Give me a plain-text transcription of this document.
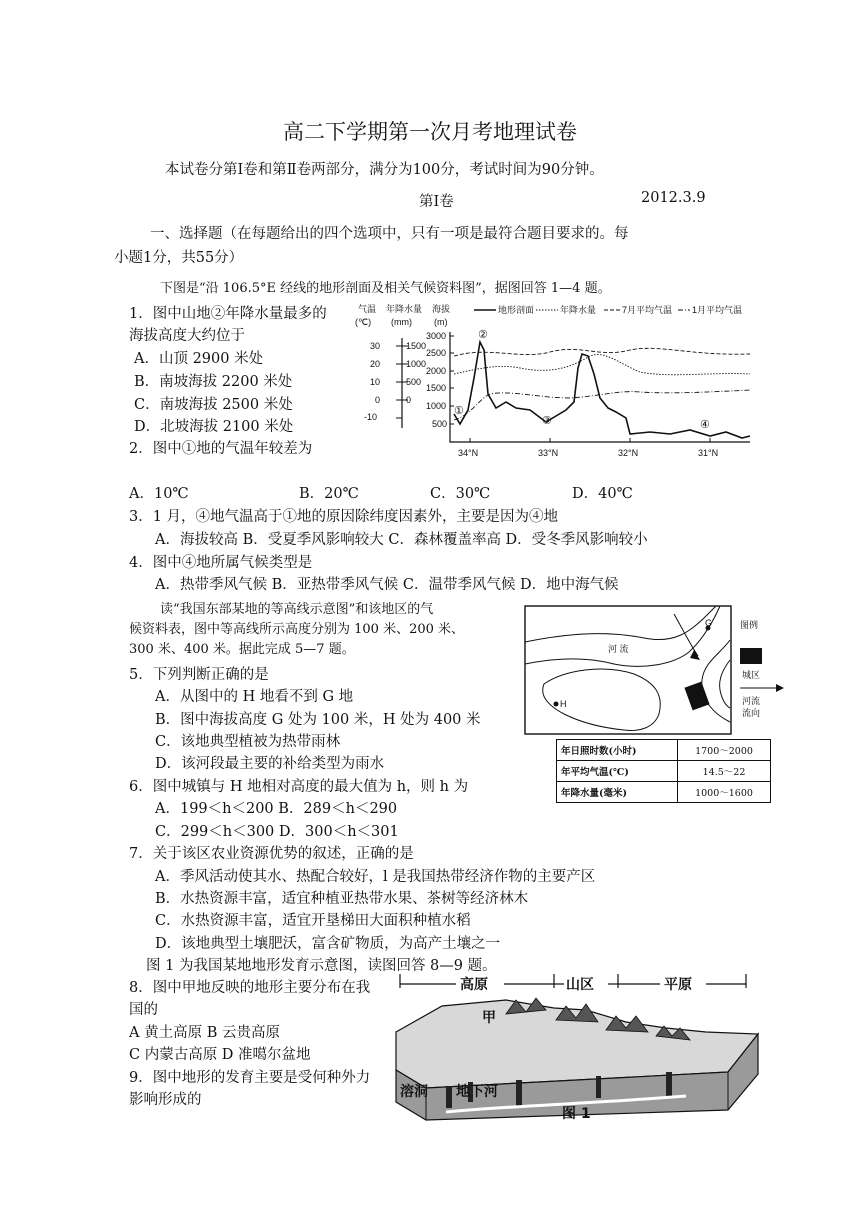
高二下学期第一次月考地理试卷
本试卷分第Ⅰ卷和第Ⅱ卷两部分，满分为100分，考试时间为90分钟。
第Ⅰ卷	2012.3.9
一、选择题（在每题给出的四个选项中，只有一项是最符合题目要求的。每
小题1分，共55分）
下图是“沿 106.5°E 经线的地形剖面及相关气候资料图”，据图回答 1—4 题。
1．图中山地②年降水量最多的
海拔高度大约位于
A．山顶 2900 米处
B．南坡海拔 2200 米处
C．南坡海拔 2500 米处
D．北坡海拔 2100 米处
2．图中①地的气温年较差为
气温
(℃)
年降水量
(mm)
海拔
(m)
地形剖面	年降水量	7月平均气温 1月平均气温
30
20
10
0
-10
1500
1000
500
0
3000
2500
2000
1500
1000
500
34°N	33°N	32°N	31°N
①
②
③	④
A．10℃	B．20℃	C．30℃	D．40℃
3．1 月，④地气温高于①地的原因除纬度因素外，主要是因为④地
A．海拔较高 B．受夏季风影响较大 C．森林覆盖率高 D．受冬季风影响较小
4．图中④地所属气候类型是
A．热带季风气候 B．亚热带季风气候 C．温带季风气候 D．地中海气候
读“我国东部某地的等高线示意图”和该地区的气
候资料表，图中等高线所示高度分别为 100 米、200 米、
300 米、400 米。据此完成 5—7 题。	河 流
G
H
图例
城区
河流
流向
年日照时数(小时)	1700～2000
年平均气温(℃)	14.5～22
年降水量(毫米)	1000～1600
5．下列判断正确的是
A．从图中的 H 地看不到 G 地
B．图中海拔高度 G 处为 100 米，H 处为 400 米
C．该地典型植被为热带雨林
D．该河段最主要的补给类型为雨水
6．图中城镇与 H 地相对高度的最大值为 h，则 h 为
A．199＜h＜200 B．289＜h＜290
C．299＜h＜300 D．300＜h＜301
7．关于该区农业资源优势的叙述，正确的是
A．季风活动使其水、热配合较好，l 是我国热带经济作物的主要产区
B．水热资源丰富，适宜种植亚热带水果、茶树等经济林木
C．水热资源丰富，适宜开垦梯田大面积种植水稻
D．该地典型土壤肥沃，富含矿物质，为高产土壤之一
图 1 为我国某地地形发育示意图，读图回答 8—9 题。
8．图中甲地反映的地形主要分布在我
国的
A 黄土高原 B 云贵高原
C 内蒙古高原 D 准噶尔盆地
9．图中地形的发育主要是受何种外力
影响形成的
高原	山区	平原
甲
溶洞 地下河
图 1
